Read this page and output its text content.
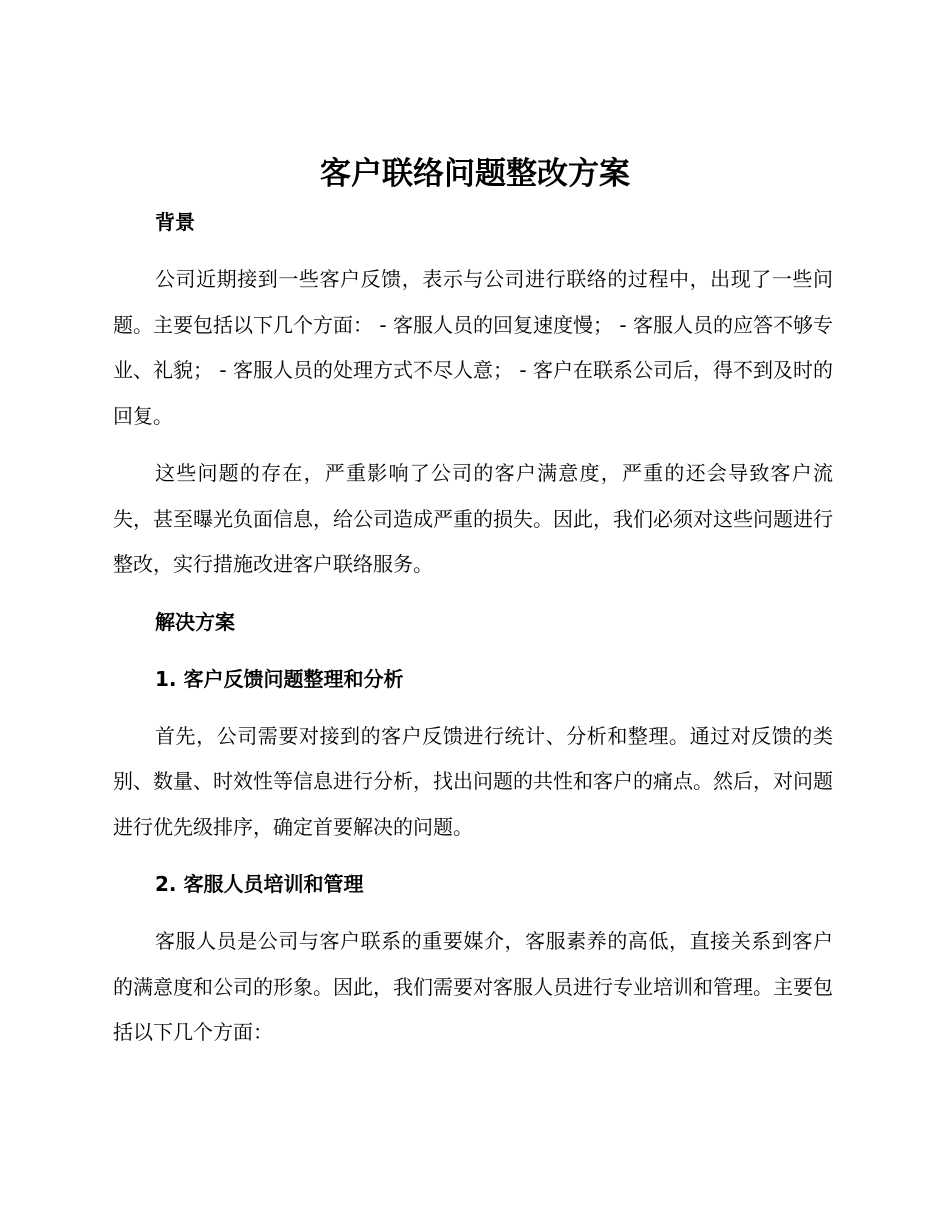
客户联络问题整改方案

背景

公司近期接到一些客户反馈，表示与公司进行联络的过程中，出现了一些问题。主要包括以下几个方面： - 客服人员的回复速度慢； - 客服人员的应答不够专业、礼貌； - 客服人员的处理方式不尽人意； - 客户在联系公司后，得不到及时的回复。

这些问题的存在，严重影响了公司的客户满意度，严重的还会导致客户流失，甚至曝光负面信息，给公司造成严重的损失。因此，我们必须对这些问题进行整改，实行措施改进客户联络服务。

解决方案

1. 客户反馈问题整理和分析

首先，公司需要对接到的客户反馈进行统计、分析和整理。通过对反馈的类别、数量、时效性等信息进行分析，找出问题的共性和客户的痛点。然后，对问题进行优先级排序，确定首要解决的问题。

2. 客服人员培训和管理

客服人员是公司与客户联系的重要媒介，客服素养的高低，直接关系到客户的满意度和公司的形象。因此，我们需要对客服人员进行专业培训和管理。主要包括以下几个方面：
